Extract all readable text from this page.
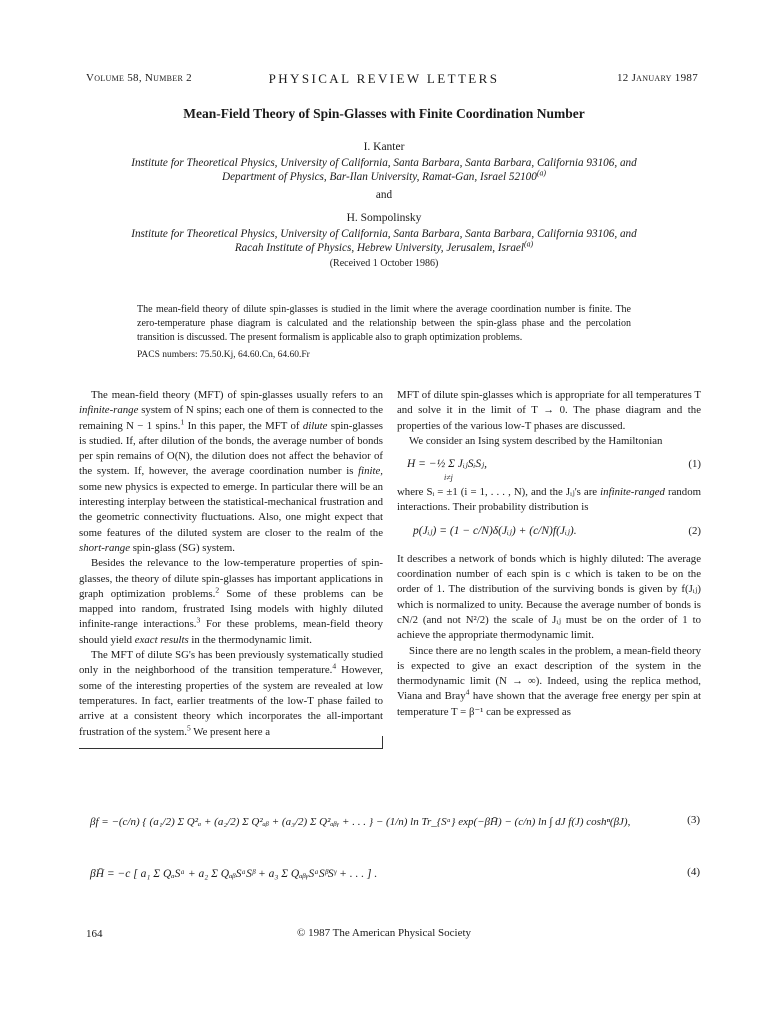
Volume 58, Number 2	PHYSICAL REVIEW LETTERS	12 January 1987
Mean-Field Theory of Spin-Glasses with Finite Coordination Number
I. Kanter
Institute for Theoretical Physics, University of California, Santa Barbara, Santa Barbara, California 93106, and
Department of Physics, Bar-Ilan University, Ramat-Gan, Israel 52100$^{(a)}$
and
H. Sompolinsky
Institute for Theoretical Physics, University of California, Santa Barbara, Santa Barbara, California 93106, and
Racah Institute of Physics, Hebrew University, Jerusalem, Israel$^{(a)}$
(Received 1 October 1986)
The mean-field theory of dilute spin-glasses is studied in the limit where the average coordination number is finite. The zero-temperature phase diagram is calculated and the relationship between the spin-glass phase and the percolation transition is discussed. The present formalism is applicable also to graph optimization problems.
PACS numbers: 75.50.Kj, 64.60.Cn, 64.60.Fr

The mean-field theory (MFT) of spin-glasses usually refers to an infinite-range system of N spins; each one of them is connected to the remaining N − 1 spins.$^1$ In this paper, the MFT of dilute spin-glasses is studied. If, after dilution of the bonds, the average number of bonds per spin remains of O(N), the dilution does not affect the behavior of the system. If, however, the average coordination number is finite, some new physics is expected to emerge. In particular there will be an interesting interplay between the statistical-mechanical frustration and the geometric connectivity fluctuations. Also, one might expect that some features of the diluted system are closer to the realm of the short-range spin-glass (SG) system.

Besides the relevance to the low-temperature properties of spin-glasses, the theory of dilute spin-glasses has important applications in graph optimization problems.$^2$ Some of these problems can be mapped into random, frustrated Ising models with highly diluted infinite-range interactions.$^3$ For these problems, mean-field theory should yield exact results in the thermodynamic limit.

The MFT of dilute SG's has been previously systematically studied only in the neighborhood of the transition temperature.$^4$ However, some of the interesting properties of the system are revealed at low temperatures. In fact, earlier treatments of the low-T phase failed to arrive at a consistent theory which incorporates the all-important frustration of the system.$^5$ We present here a

MFT of dilute spin-glasses which is appropriate for all temperatures T and solve it in the limit of T → 0. The phase diagram and the properties of the various low-T phases are discussed.

We consider an Ising system described by the Hamiltonian

H = −½ Σ JᵢⱼSᵢSⱼ,
i≠j
(1)

where Sᵢ = ±1 (i = 1, . . . , N), and the Jᵢⱼ's are infinite-ranged random interactions. Their probability distribution is

p(Jᵢⱼ) = (1 − c/N)δ(Jᵢⱼ) + (c/N)f(Jᵢⱼ).	(2)

It describes a network of bonds which is highly diluted: The average coordination number of each spin is c which is taken to be on the order of 1. The distribution of the surviving bonds is given by f(Jᵢⱼ) which is normalized to unity. Because the average number of bonds is cN/2 (and not N²/2) the scale of Jᵢⱼ must be on the order of 1 to achieve the appropriate thermodynamic limit.

Since there are no length scales in the problem, a mean-field theory is expected to give an exact description of the system in the thermodynamic limit (N → ∞). Indeed, using the replica method, Viana and Bray$^4$ have shown that the average free energy per spin at temperature T = β⁻¹ can be expressed as

βf = −(c/n) { (a₁/2) Σ Q²ₐ + (a₂/2) Σ Q²ₐᵦ + (a₃/2) Σ Q²ₐᵦᵧ + . . . } − (1/n) ln Tr_{Sᵃ} exp(−βH̄) − (c/n) ln ∫ dJ f(J) coshⁿ(βJ),	(3)
βH̄ = −c [ a₁ Σ QₐSᵃ + a₂ Σ QₐᵦSᵃSᵝ + a₃ Σ QₐᵦᵧSᵃSᵝSᵞ + . . . ] .	(4)
164	© 1987 The American Physical Society
